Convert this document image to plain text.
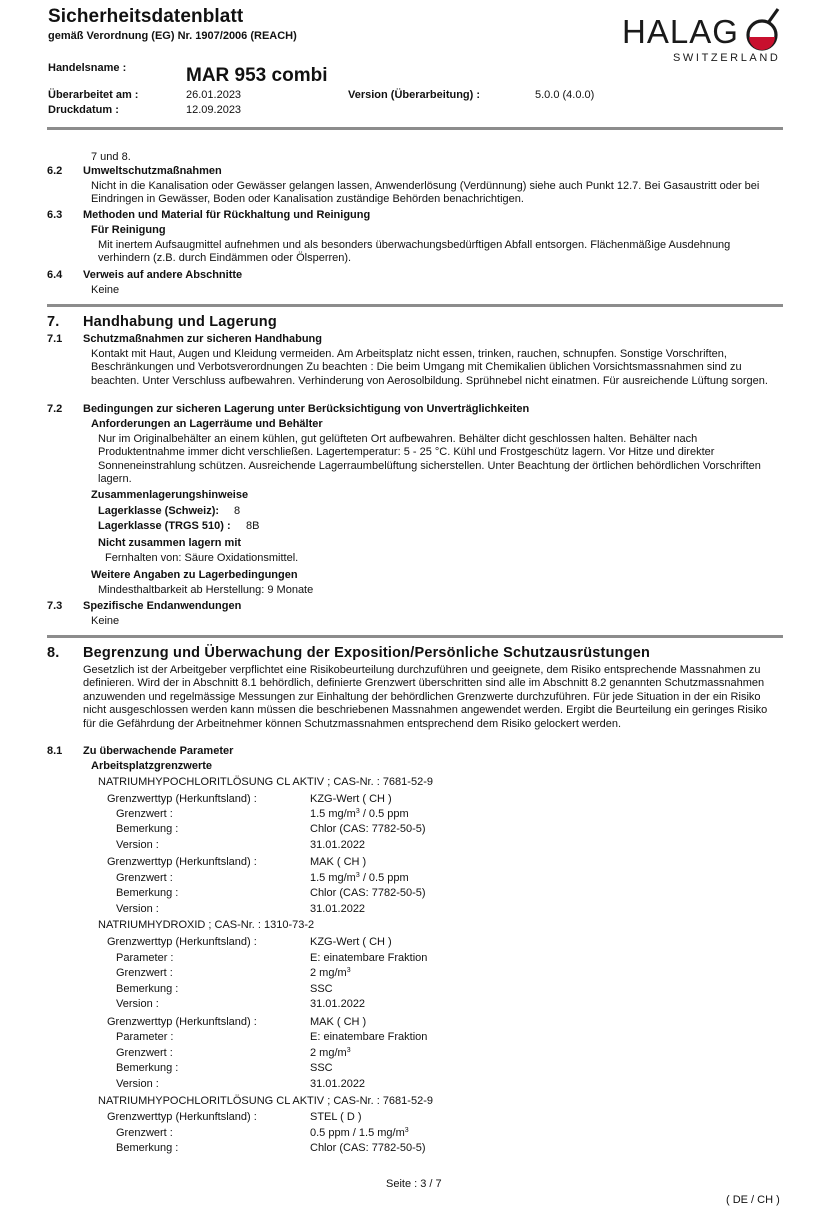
Sicherheitsdatenblatt
gemäß Verordnung (EG) Nr. 1907/2006 (REACH)	HALAG
SWITZERLAND
Handelsname :	MAR 953 combi
Überarbeitet am :	26.01.2023	Version (Überarbeitung) :	5.0.0 (4.0.0)
Druckdatum :	12.09.2023
7 und 8.
6.2 Umweltschutzmaßnahmen
Nicht in die Kanalisation oder Gewässer gelangen lassen, Anwenderlösung (Verdünnung) siehe auch Punkt 12.7. Bei Gasaustritt oder bei Eindringen in Gewässer, Boden oder Kanalisation zuständige Behörden benachrichtigen.
6.3 Methoden und Material für Rückhaltung und Reinigung
Für Reinigung
Mit inertem Aufsaugmittel aufnehmen und als besonders überwachungsbedürftigen Abfall entsorgen. Flächenmäßige Ausdehnung verhindern (z.B. durch Eindämmen oder Ölsperren).
6.4 Verweis auf andere Abschnitte
Keine
7. Handhabung und Lagerung
7.1 Schutzmaßnahmen zur sicheren Handhabung
Kontakt mit Haut, Augen und Kleidung vermeiden. Am Arbeitsplatz nicht essen, trinken, rauchen, schnupfen. Sonstige Vorschriften, Beschränkungen und Verbotsverordnungen Zu beachten : Die beim Umgang mit Chemikalien üblichen Vorsichtsmassnahmen sind zu beachten. Unter Verschluss aufbewahren. Verhinderung von Aerosolbildung. Sprühnebel nicht einatmen. Für ausreichende Lüftung sorgen.
7.2 Bedingungen zur sicheren Lagerung unter Berücksichtigung von Unverträglichkeiten
Anforderungen an Lagerräume und Behälter
Nur im Originalbehälter an einem kühlen, gut gelüfteten Ort aufbewahren. Behälter dicht geschlossen halten. Behälter nach Produktentnahme immer dicht verschließen. Lagertemperatur: 5 - 25 °C. Kühl und Frostgeschütz lagern. Vor Hitze und direkter Sonneneinstrahlung schützen. Ausreichende Lagerraumbelüftung sicherstellen. Unter Beachtung der örtlichen behördlichen Vorschriften lagern.
Zusammenlagerungshinweise
Lagerklasse (Schweiz): 8
Lagerklasse (TRGS 510) : 8B
Nicht zusammen lagern mit
Fernhalten von: Säure Oxidationsmittel.
Weitere Angaben zu Lagerbedingungen
Mindesthaltbarkeit ab Herstellung: 9 Monate
7.3 Spezifische Endanwendungen
Keine
8. Begrenzung und Überwachung der Exposition/Persönliche Schutzausrüstungen
Gesetzlich ist der Arbeitgeber verpflichtet eine Risikobeurteilung durchzuführen und geeignete, dem Risiko entsprechende Massnahmen zu definieren. Wird der in Abschnitt 8.1 behördlich, definierte Grenzwert überschritten sind alle im Abschnitt 8.2 genannten Schutzmassnahmen anzuwenden und regelmässige Messungen zur Einhaltung der behördlichen Grenzwerte durchzuführen. Für jede Situation in der ein Risiko nicht ausgeschlossen werden kann müssen die beschriebenen Massnahmen angewendet werden. Ergibt die Beurteilung ein geringes Risiko für die Gefährdung der Arbeitnehmer können Schutzmassnahmen entsprechend dem Risiko gelockert werden.
8.1 Zu überwachende Parameter
Arbeitsplatzgrenzwerte
NATRIUMHYPOCHLORITLÖSUNG CL AKTIV ; CAS-Nr. : 7681-52-9
Grenzwerttyp (Herkunftsland) :	KZG-Wert ( CH )
Grenzwert :	1.5 $mg/m^3 / 0.5$ ppm
Bemerkung :	Chlor (CAS: 7782-50-5)
Version :	31.01.2022
Grenzwerttyp (Herkunftsland) :	MAK ( CH )
Grenzwert :	1.5 $mg/m^3 / 0.5$ ppm
Bemerkung :	Chlor (CAS: 7782-50-5)
Version :	31.01.2022
NATRIUMHYDROXID ; CAS-Nr. : 1310-73-2
Grenzwerttyp (Herkunftsland) :	KZG-Wert ( CH )
Parameter :	E: einatembare Fraktion
Grenzwert :	2 $mg/m^3$
Bemerkung :	SSC
Version :	31.01.2022
Grenzwerttyp (Herkunftsland) :	MAK ( CH )
Parameter :	E: einatembare Fraktion
Grenzwert :	2 $mg/m^3$
Bemerkung :	SSC
Version :	31.01.2022
NATRIUMHYPOCHLORITLÖSUNG CL AKTIV ; CAS-Nr. : 7681-52-9
Grenzwerttyp (Herkunftsland) :	STEL ( D )
Grenzwert :	0.5 ppm / 1.5 $mg/m^3$
Bemerkung :	Chlor (CAS: 7782-50-5)
Seite : 3 / 7
( DE / CH )
